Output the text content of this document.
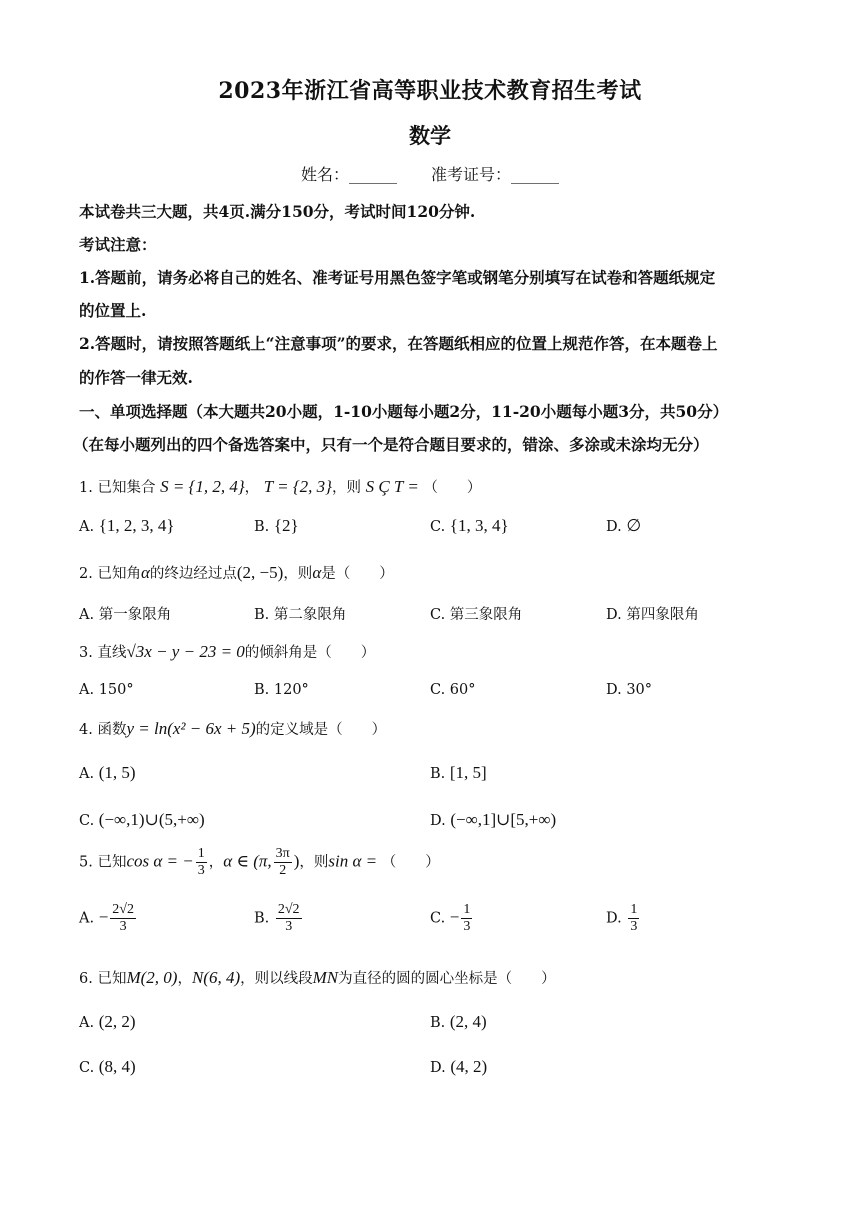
2023年浙江省高等职业技术教育招生考试
数学
姓名：______ 准考证号：______
本试卷共三大题，共4页.满分150分，考试时间120分钟.
考试注意：
1.答题前，请务必将自己的姓名、准考证号用黑色签字笔或钢笔分别填写在试卷和答题纸规定
的位置上.
2.答题时，请按照答题纸上“注意事项”的要求，在答题纸相应的位置上规范作答，在本题卷上
的作答一律无效.
一、单项选择题（本大题共20小题，1-10小题每小题2分，11-20小题每小题3分，共50分）
（在每小题列出的四个备选答案中，只有一个是符合题目要求的，错涂、多涂或未涂均无分）
1. 已知集合 S = {1, 2, 4}， T = {2, 3}，则 S Ç T = （　　）
A. {1, 2, 3, 4}	B. {2}	C. {1, 3, 4}	D. ∅
2. 已知角α的终边经过点(2, −5)，则α是（　　）
A. 第一象限角	B. 第二象限角	C. 第三象限角	D. 第四象限角
3. 直线√3x − y − 23 = 0的倾斜角是（　　）
A. 150°	B. 120°	C. 60°	D. 30°
4. 函数y = ln(x² − 6x + 5)的定义域是（　　）
A. (1, 5)	B. [1, 5]
C. (−∞,1)∪(5,+∞)	D. (−∞,1]∪[5,+∞)
5. 已知cos α = − $\frac{1}{3}$ ，α ∈ (π, $\frac{3\pi}{2}$ )，则sin α = （　　）
A. − $\frac{2√2}{3}$	B. $\frac{2√2}{3}$	C. − $\frac{1}{3}$	D. $\frac{1}{3}$
6. 已知M(2, 0)，N(6, 4)，则以线段MN为直径的圆的圆心坐标是（　　）
A. (2, 2)	B. (2, 4)
C. (8, 4)	D. (4, 2)
